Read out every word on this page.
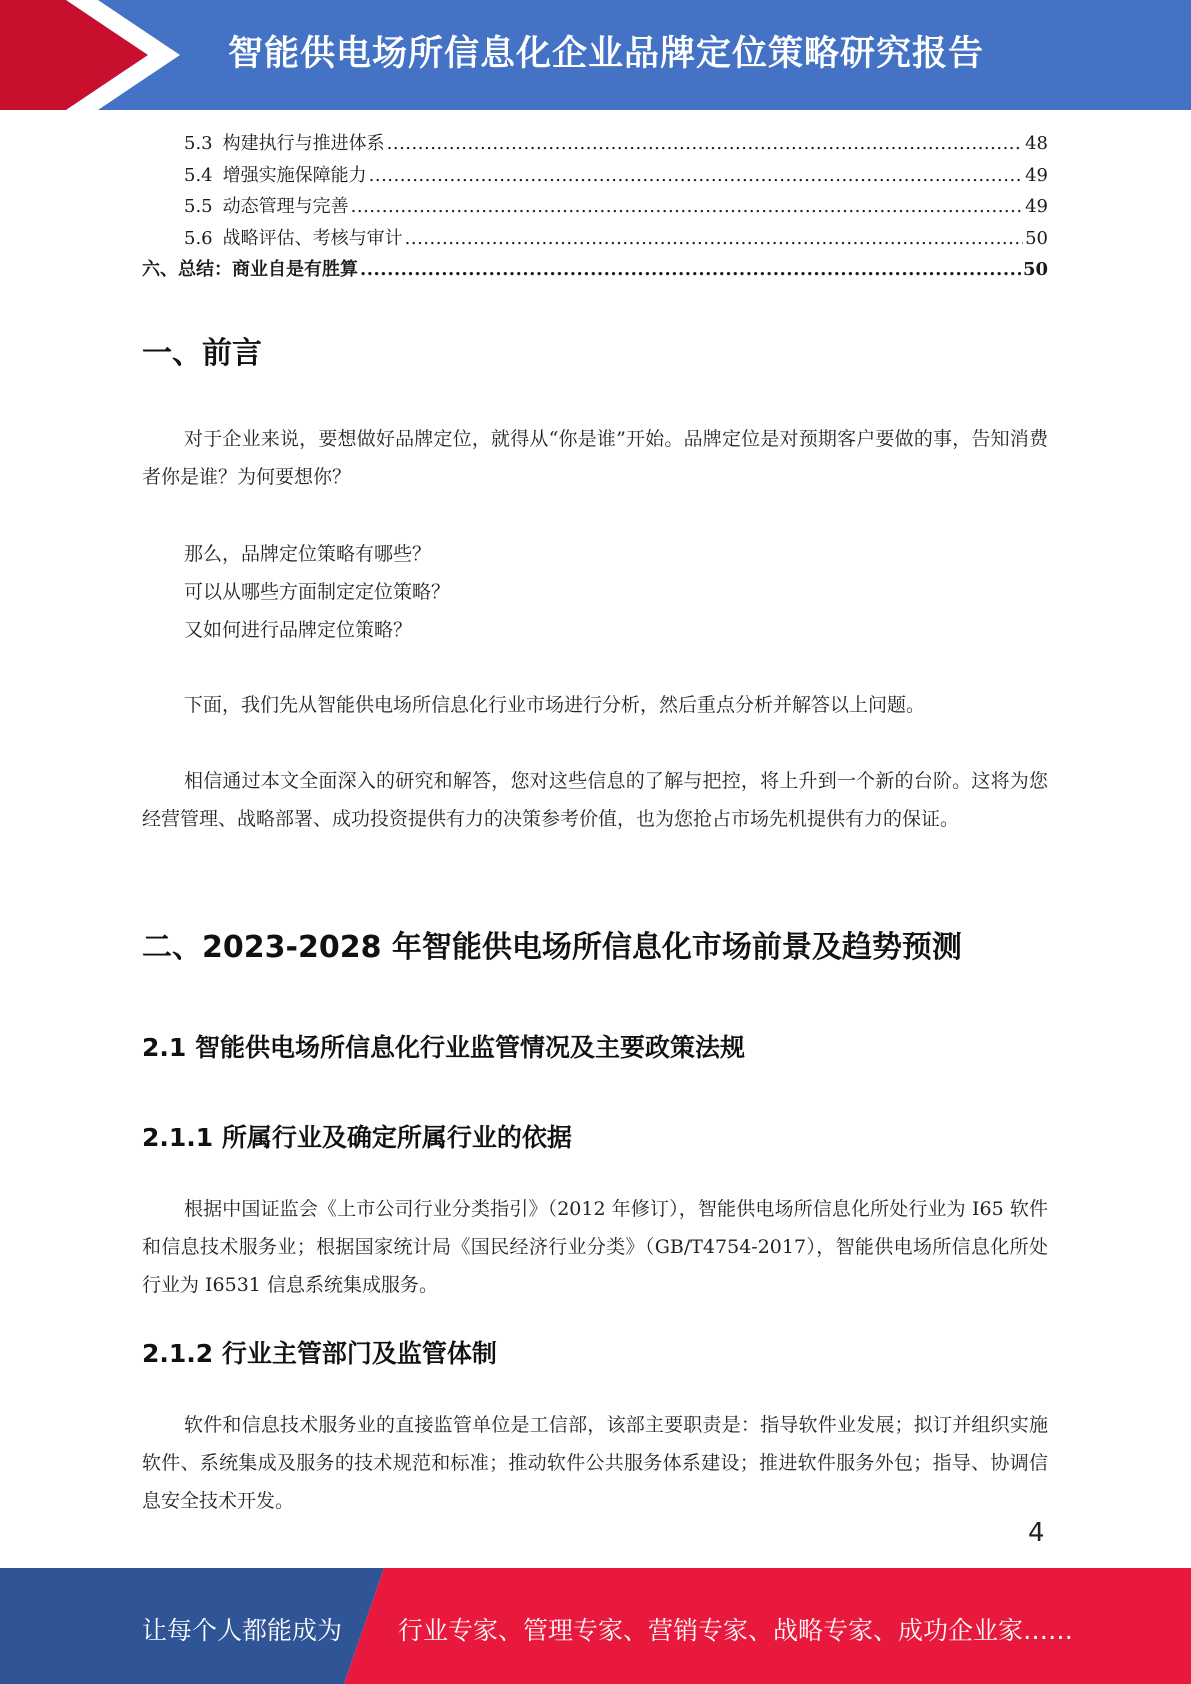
智能供电场所信息化企业品牌定位策略研究报告
5.3 构建执行与推进体系 .....	48
5.4 增强实施保障能力 .....	49
5.5 动态管理与完善 .....	49
5.6 战略评估、考核与审计 .....	50
六、总结：商业自是有胜算 .....	50
一、前言

对于企业来说，要想做好品牌定位，就得从“你是谁”开始。品牌定位是对预期客户要做的事，告知消费者你是谁？为何要想你？

那么，品牌定位策略有哪些？

可以从哪些方面制定定位策略？

又如何进行品牌定位策略？

下面，我们先从智能供电场所信息化行业市场进行分析，然后重点分析并解答以上问题。

相信通过本文全面深入的研究和解答，您对这些信息的了解与把控，将上升到一个新的台阶。这将为您经营管理、战略部署、成功投资提供有力的决策参考价值，也为您抢占市场先机提供有力的保证。

二、2023-2028 年智能供电场所信息化市场前景及趋势预测
2.1 智能供电场所信息化行业监管情况及主要政策法规
2.1.1 所属行业及确定所属行业的依据

根据中国证监会《上市公司行业分类指引》（2012 年修订），智能供电场所信息化所处行业为 I65 软件和信息技术服务业；根据国家统计局《国民经济行业分类》（GB/T4754-2017），智能供电场所信息化所处行业为 I6531 信息系统集成服务。

2.1.2 行业主管部门及监管体制

软件和信息技术服务业的直接监管单位是工信部，该部主要职责是：指导软件业发展；拟订并组织实施软件、系统集成及服务的技术规范和标准；推动软件公共服务体系建设；推进软件服务外包；指导、协调信息安全技术开发。

4
让每个人都能成为 行业专家、管理专家、营销专家、战略专家、成功企业家……
